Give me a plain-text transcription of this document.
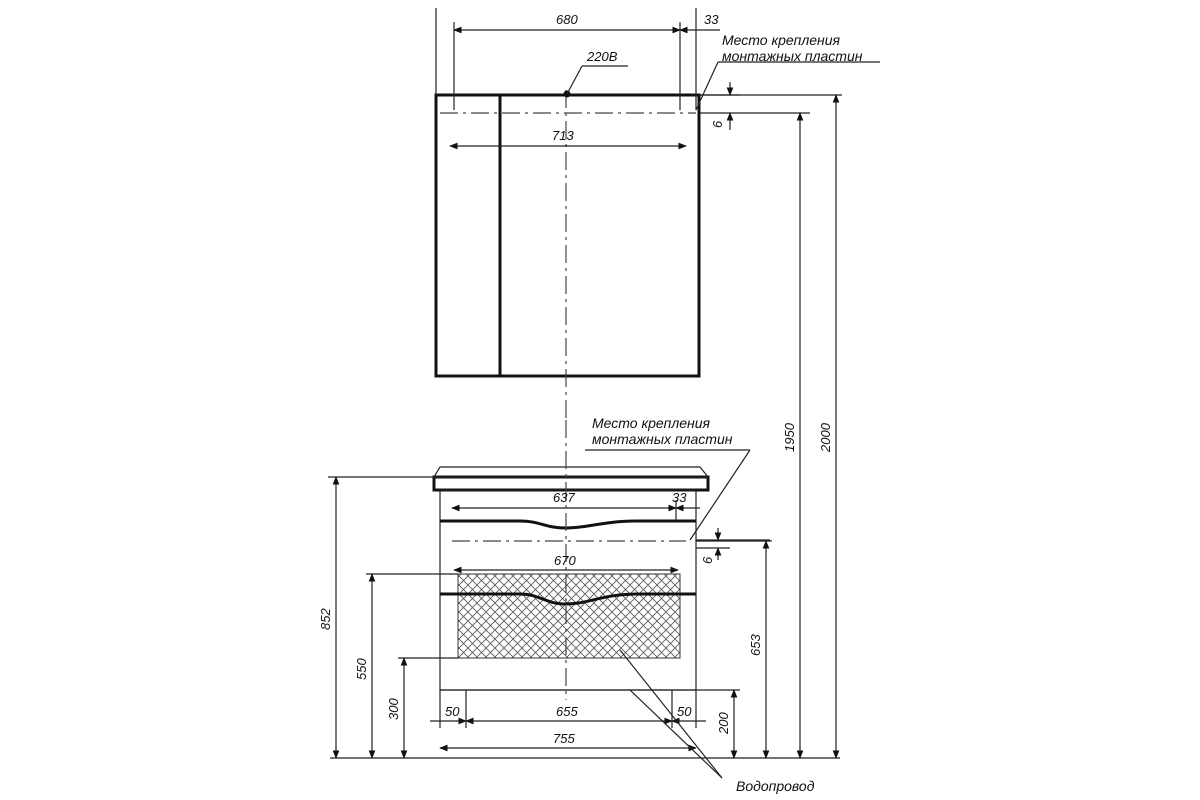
220В
680	33
713
6
Место крепления
монтажных пластин
Место крепления
монтажных пластин
637	33
6
670
50	655	50
755
Водопровод
852
550
300
653
200
1950 2000
